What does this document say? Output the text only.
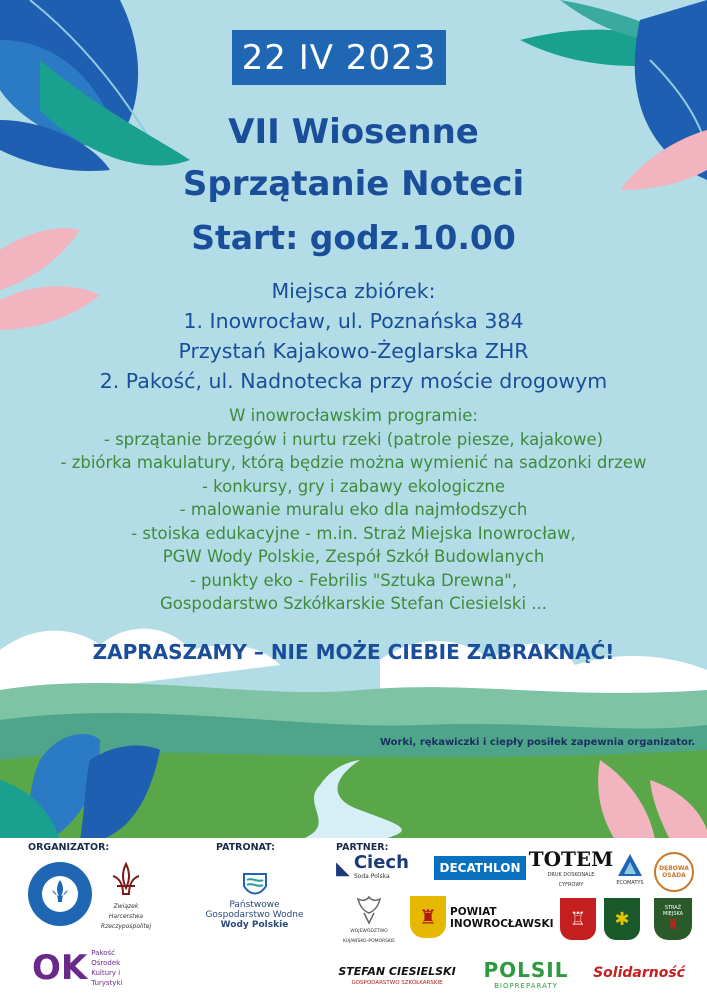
22 IV 2023
VII Wiosenne
Sprzątanie Noteci
Start: godz.10.00
Miejsca zbiórek:
1. Inowrocław, ul. Poznańska 384
Przystań Kajakowo-Żeglarska ZHR
2. Pakość, ul. Nadnotecka przy moście drogowym
W inowrocławskim programie:
- sprzątanie brzegów i nurtu rzeki (patrole piesze, kajakowe)
- zbiórka makulatury, którą będzie można wymienić na sadzonki drzew
- konkursy, gry i zabawy ekologiczne
- malowanie muralu eko dla najmłodszych
- stoiska edukacyjne - m.in. Straż Miejska Inowrocław,
PGW Wody Polskie, Zespół Szkół Budowlanych
- punkty eko - Febrilis "Sztuka Drewna",
Gospodarstwo Szkółkarskie Stefan Ciesielski ...
ZAPRASZAMY – NIE MOŻE CIEBIE ZABRAKNĄĆ!
Worki, rękawiczki i ciepły posiłek zapewnia organizator.
ORGANIZATOR:	PATRONAT:	PARTNER:
Związek Harcerstwa Rzeczypospolitej
OK Pakość Ośrodek Kultury i Turystyki
Państwowe
Gospodarstwo Wodne
Wody Polskie
◣ Ciech
Soda Polska
DECATHLON TOTEM
DRUK DOSKONALE CYFROWY	ECOMATYS
DĘBOWA OSADA
WOJEWÓDZTWO KUJAWSKO-POMORSKIE
♜ POWIAT
INOWROCŁAWSKI ♖	✱
STRAŻ MIEJSKA
♜
STEFAN CIESIELSKI
GOSPODARSTWO SZKÓŁKARSKIE
POLSIL
BIOPREPARATY
Solidarność
